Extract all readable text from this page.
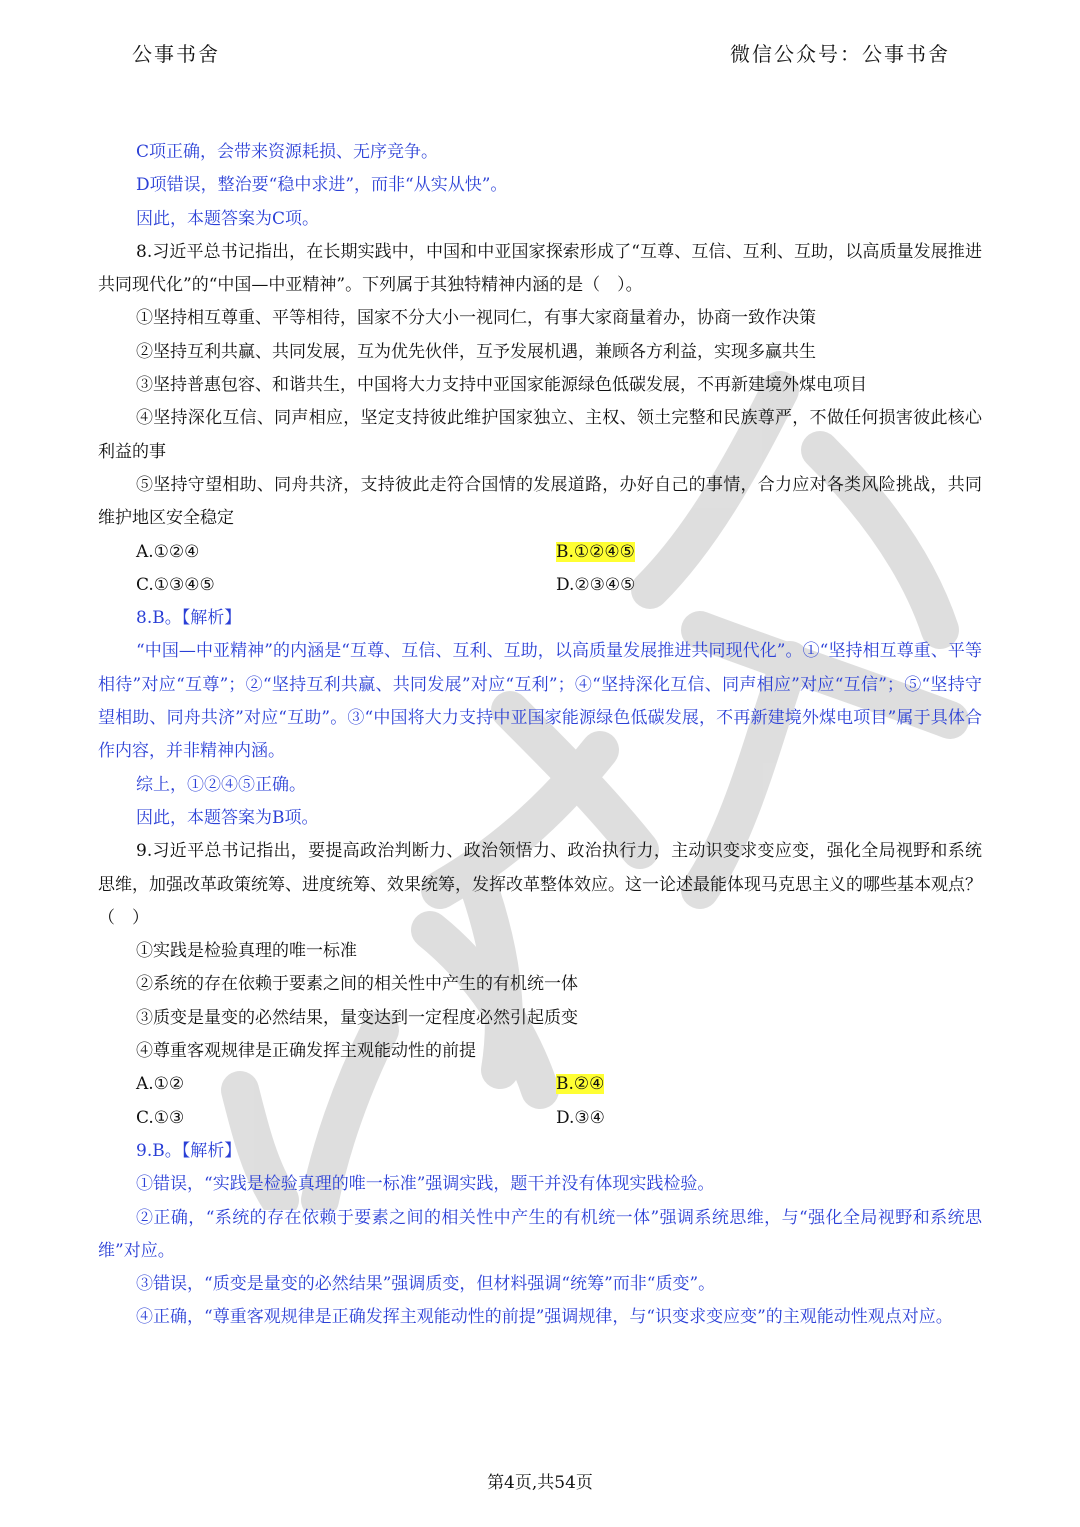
公事书舍	微信公众号：公事书舍

C项正确，会带来资源耗损、无序竞争。

D项错误，整治要“稳中求进”，而非“从实从快”。

因此，本题答案为C项。

8.习近平总书记指出，在长期实践中，中国和中亚国家探索形成了“互尊、互信、互利、互助，以高质量发展推进共同现代化”的“中国—中亚精神”。下列属于其独特精神内涵的是（　）。

①坚持相互尊重、平等相待，国家不分大小一视同仁，有事大家商量着办，协商一致作决策

②坚持互利共赢、共同发展，互为优先伙伴，互予发展机遇，兼顾各方利益，实现多赢共生

③坚持普惠包容、和谐共生，中国将大力支持中亚国家能源绿色低碳发展，不再新建境外煤电项目

④坚持深化互信、同声相应，坚定支持彼此维护国家独立、主权、领土完整和民族尊严，不做任何损害彼此核心利益的事

⑤坚持守望相助、同舟共济，支持彼此走符合国情的发展道路，办好自己的事情，合力应对各类风险挑战，共同维护地区安全稳定

A.①②④	B.①②④⑤
C.①③④⑤	D.②③④⑤

8.B。【解析】

“中国—中亚精神”的内涵是“互尊、互信、互利、互助，以高质量发展推进共同现代化”。①“坚持相互尊重、平等相待”对应“互尊”；②“坚持互利共赢、共同发展”对应“互利”；④“坚持深化互信、同声相应”对应“互信”；⑤“坚持守望相助、同舟共济”对应“互助”。③“中国将大力支持中亚国家能源绿色低碳发展，不再新建境外煤电项目”属于具体合作内容，并非精神内涵。

综上，①②④⑤正确。

因此，本题答案为B项。

9.习近平总书记指出，要提高政治判断力、政治领悟力、政治执行力，主动识变求变应变，强化全局视野和系统思维，加强改革政策统筹、进度统筹、效果统筹，发挥改革整体效应。这一论述最能体现马克思主义的哪些基本观点？（　）

①实践是检验真理的唯一标准

②系统的存在依赖于要素之间的相关性中产生的有机统一体

③质变是量变的必然结果，量变达到一定程度必然引起质变

④尊重客观规律是正确发挥主观能动性的前提

A.①②	B.②④
C.①③	D.③④

9.B。【解析】

①错误，“实践是检验真理的唯一标准”强调实践，题干并没有体现实践检验。

②正确，“系统的存在依赖于要素之间的相关性中产生的有机统一体”强调系统思维，与“强化全局视野和系统思维”对应。

③错误，“质变是量变的必然结果”强调质变，但材料强调“统筹”而非“质变”。

④正确，“尊重客观规律是正确发挥主观能动性的前提”强调规律，与“识变求变应变”的主观能动性观点对应。

第4页,共54页
